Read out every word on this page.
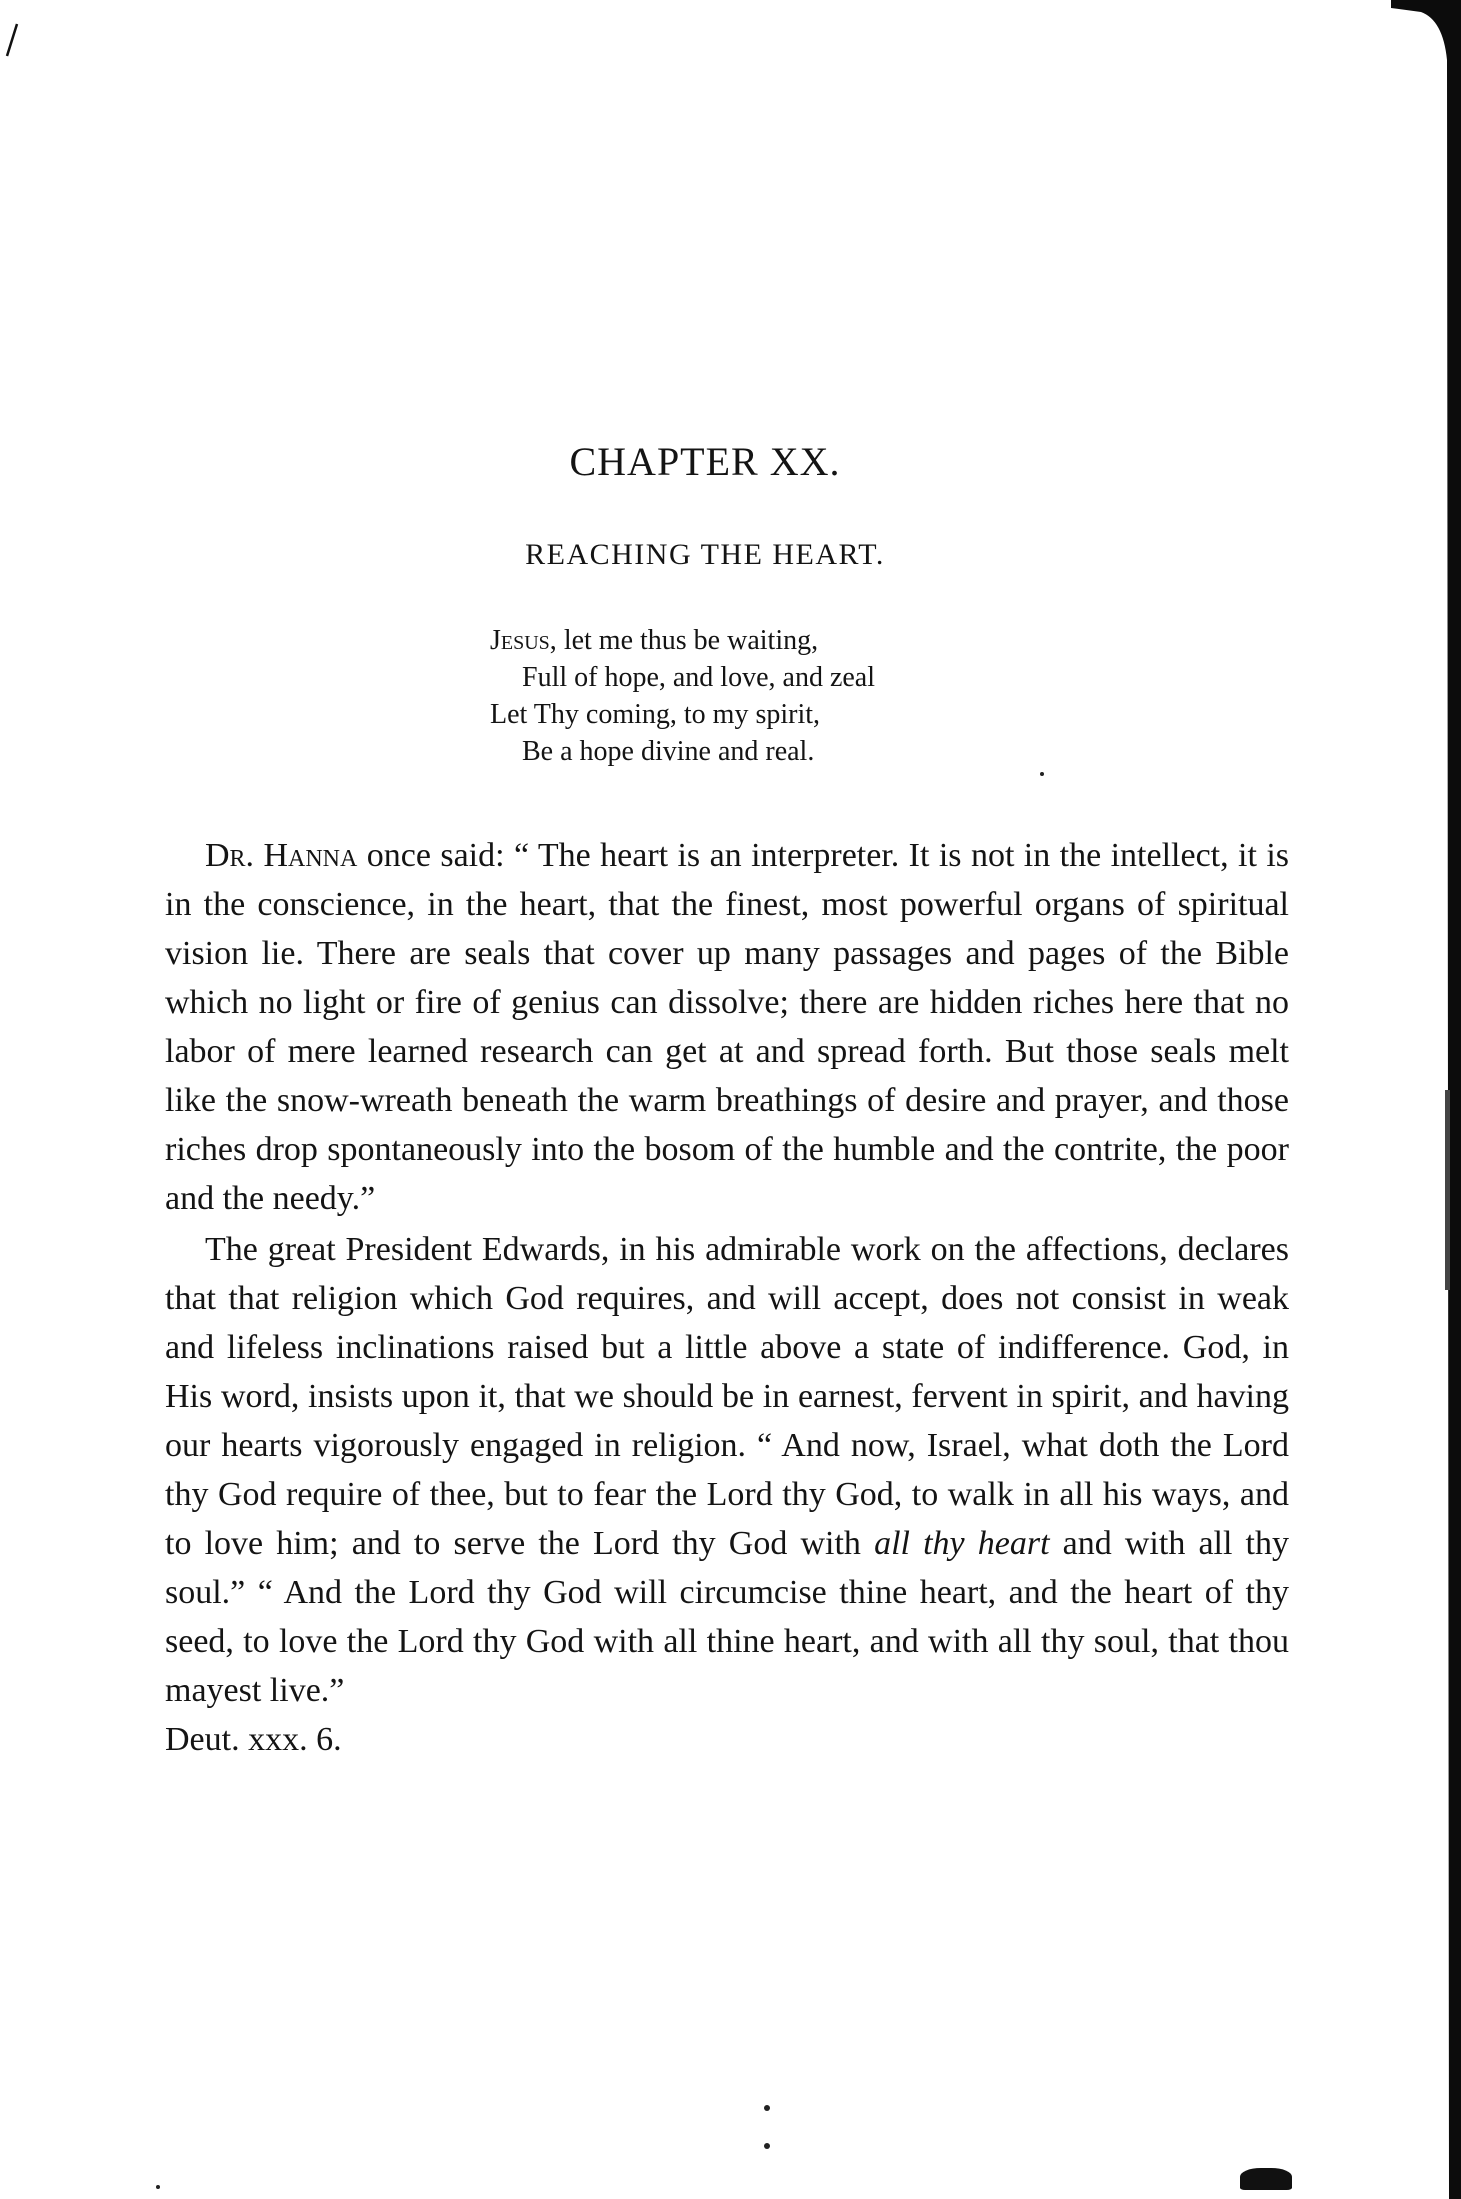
CHAPTER XX.
REACHING THE HEART.
Jesus, let me thus be waiting,
Full of hope, and love, and zeal
Let Thy coming, to my spirit,
Be a hope divine and real.

Dr. Hanna once said: “ The heart is an interpreter. It is not in the intellect, it is in the conscience, in the heart, that the finest, most powerful organs of spiritual vision lie. There are seals that cover up many passages and pages of the Bible which no light or fire of genius can dissolve; there are hidden riches here that no labor of mere learned research can get at and spread forth. But those seals melt like the snow-wreath beneath the warm breathings of desire and prayer, and those riches drop spontaneously into the bosom of the humble and the contrite, the poor and the needy.”

The great President Edwards, in his admirable work on the affections, declares that that religion which God requires, and will accept, does not consist in weak and lifeless inclinations raised but a little above a state of indifference. God, in His word, insists upon it, that we should be in earnest, fervent in spirit, and having our hearts vigorously engaged in religion. “ And now, Israel, what doth the Lord thy God require of thee, but to fear the Lord thy God, to walk in all his ways, and to love him; and to serve the Lord thy God with all thy heart and with all thy soul.” “ And the Lord thy God will circumcise thine heart, and the heart of thy seed, to love the Lord thy God with all thine heart, and with all thy soul, that thou mayest live.”
Deut. xxx. 6.
